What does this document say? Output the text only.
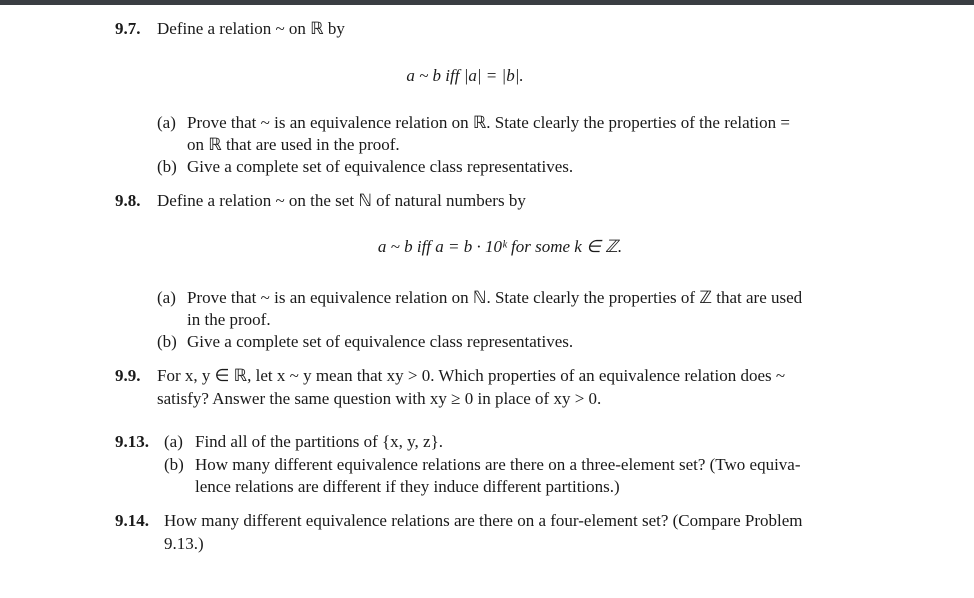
9.7. Define a relation ~ on ℝ by
a ~ b iff |a| = |b|.
(a) Prove that ~ is an equivalence relation on ℝ. State clearly the properties of the relation =
on ℝ that are used in the proof.
(b) Give a complete set of equivalence class representatives.
9.8. Define a relation ~ on the set ℕ of natural numbers by
a ~ b iff a = b · 10ᵏ for some k ∈ ℤ.
(a) Prove that ~ is an equivalence relation on ℕ. State clearly the properties of ℤ that are used
in the proof.
(b) Give a complete set of equivalence class representatives.
9.9. For x, y ∈ ℝ, let x ~ y mean that xy > 0. Which properties of an equivalence relation does ~
satisfy? Answer the same question with xy ≥ 0 in place of xy > 0.
9.13. (a) Find all of the partitions of {x, y, z}.
(b) How many different equivalence relations are there on a three-element set? (Two equiva-
lence relations are different if they induce different partitions.)
9.14. How many different equivalence relations are there on a four-element set? (Compare Problem
9.13.)
